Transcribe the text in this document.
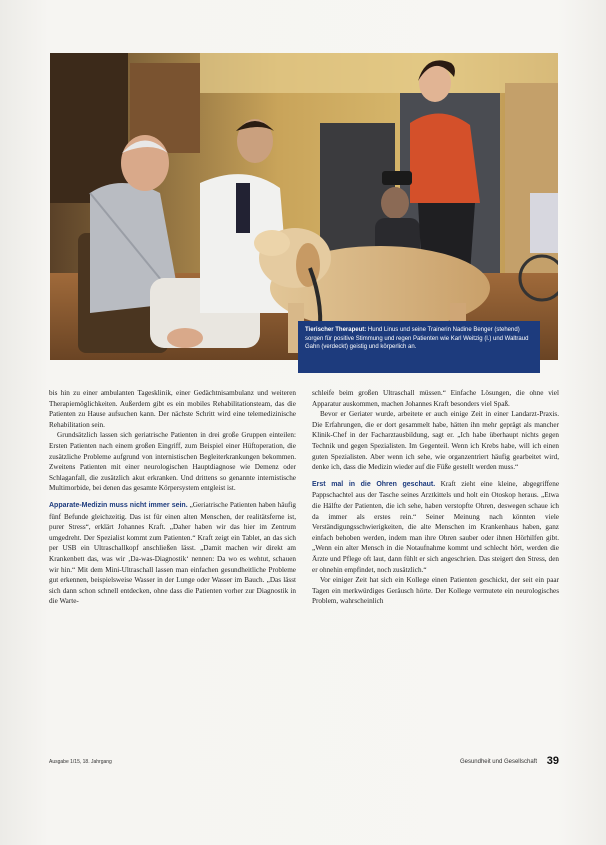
Tierischer Therapeut: Hund Linus und seine Trainerin Nadine Benger (stehend) sorgen für positive Stimmung und regen Patienten wie Karl Weitzig (l.) und Waltraud Gahn (verdeckt) geistig und körperlich an.

bis hin zu einer ambulanten Tagesklinik, einer Gedächtnisambulanz und weiteren Therapiemöglichkeiten. Außerdem gibt es ein mobiles Rehabilitationsteam, das die Patienten zu Hause aufsuchen kann. Der nächste Schritt wird eine telemedizinische Rehabilitation sein.

Grundsätzlich lassen sich geriatrische Patienten in drei große Gruppen einteilen: Ersten Patienten nach einem großen Eingriff, zum Beispiel einer Hüftoperation, die zusätzliche Probleme aufgrund von internistischen Begleiterkrankungen bekommen. Zweitens Patienten mit einer neurologischen Hauptdiagnose wie Demenz oder Schlaganfall, die zusätzlich akut erkranken. Und drittens so genannte internistische Multimorbide, bei denen das gesamte Körpersystem entgleist ist.

Apparate-Medizin muss nicht immer sein. „Geriatrische Patienten haben häufig fünf Befunde gleichzeitig. Das ist für einen alten Menschen, der realitätsferne ist, purer Stress“, erklärt Johannes Kraft. „Daher haben wir das hier im Zentrum umgedreht. Der Spezialist kommt zum Patienten.“ Kraft zeigt ein Tablet, an das sich per USB ein Ultraschallkopf anschließen lässt. „Damit machen wir direkt am Krankenbett das, was wir ‚Da-was-Diagnostik‘ nennen: Da wo es wehtut, schauen wir hin.“ Mit dem Mini-Ultraschall lassen man einfachen gesundheitliche Probleme gut erkennen, beispielsweise Wasser in der Lunge oder Wasser im Bauch. „Das lässt sich dann schon schnell entdecken, ohne dass die Patienten vorher zur Diagnostik in die Warte-

schleife beim großen Ultraschall müssen.“ Einfache Lösungen, die ohne viel Apparatur auskommen, machen Johannes Kraft besonders viel Spaß.

Bevor er Geriater wurde, arbeitete er auch einige Zeit in einer Landarzt-Praxis. Die Erfahrungen, die er dort gesammelt habe, hätten ihn mehr geprägt als mancher Klinik-Chef in der Facharztausbildung, sagt er. „Ich habe überhaupt nichts gegen Technik und gegen Spezialisten. Im Gegenteil. Wenn ich Krebs habe, will ich einen guten Spezialisten. Aber wenn ich sehe, wie organzentriert häufig gearbeitet wird, denke ich, dass die Medizin wieder auf die Füße gestellt werden muss.“

Erst mal in die Ohren geschaut. Kraft zieht eine kleine, abgegriffene Pappschachtel aus der Tasche seines Arztkittels und holt ein Otoskop heraus. „Etwa die Hälfte der Patienten, die ich sehe, haben verstopfte Ohren, deswegen schaue ich da immer als erstes rein.“ Seiner Meinung nach könnten viele Verständigungsschwierigkeiten, die alte Menschen im Krankenhaus haben, ganz einfach behoben werden, indem man ihre Ohren sauber oder ihnen Hörhilfen gibt. „Wenn ein alter Mensch in die Notaufnahme kommt und schlecht hört, werden die Ärzte und Pflege oft laut, dann fühlt er sich angeschrien. Das steigert den Stress, den er ohnehin empfindet, noch zusätzlich.“

Vor einiger Zeit hat sich ein Kollege einen Patienten geschickt, der seit ein paar Tagen ein merkwürdiges Geräusch hörte. Der Kollege vermutete ein neurologisches Problem, wahrscheinlich

Ausgabe 1/15, 18. Jahrgang	Gesundheit und Gesellschaft 39
